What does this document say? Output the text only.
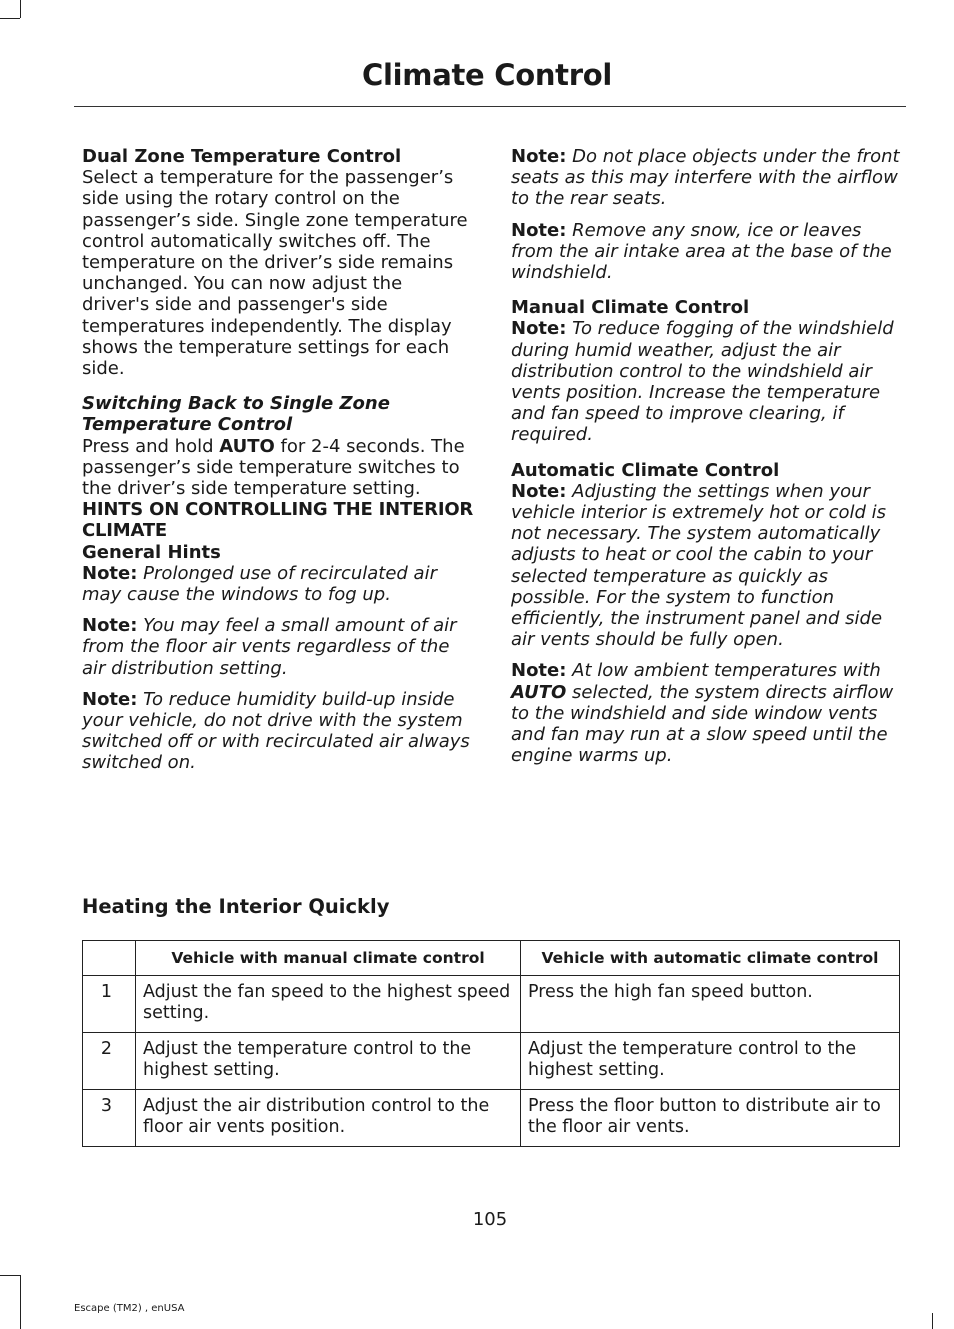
Climate Control

Dual Zone Temperature Control

Select a temperature for the passenger’s side using the rotary control on the passenger’s side. Single zone temperature control automatically switches off. The temperature on the driver’s side remains unchanged. You can now adjust the driver's side and passenger's side temperatures independently. The display shows the temperature settings for each side.

Switching Back to Single Zone Temperature Control

Press and hold AUTO for 2-4 seconds. The passenger’s side temperature switches to the driver’s side temperature setting.

HINTS ON CONTROLLING THE INTERIOR CLIMATE

General Hints

Note: Prolonged use of recirculated air may cause the windows to fog up.

Note: You may feel a small amount of air from the floor air vents regardless of the air distribution setting.

Note: To reduce humidity build-up inside your vehicle, do not drive with the system switched off or with recirculated air always switched on.

Note: Do not place objects under the front seats as this may interfere with the airflow to the rear seats.

Note: Remove any snow, ice or leaves from the air intake area at the base of the windshield.

Manual Climate Control

Note: To reduce fogging of the windshield during humid weather, adjust the air distribution control to the windshield air vents position. Increase the temperature and fan speed to improve clearing, if required.

Automatic Climate Control

Note: Adjusting the settings when your vehicle interior is extremely hot or cold is not necessary. The system automatically adjusts to heat or cool the cabin to your selected temperature as quickly as possible. For the system to function efficiently, the instrument panel and side air vents should be fully open.

Note: At low ambient temperatures with AUTO selected, the system directs airflow to the windshield and side window vents and fan may run at a slow speed until the engine warms up.

Heating the Interior Quickly

	Vehicle with manual climate control	Vehicle with automatic climate control
1	Adjust the fan speed to the highest speed setting.	Press the high fan speed button.
2	Adjust the temperature control to the highest setting.	Adjust the temperature control to the highest setting.
3	Adjust the air distribution control to the floor air vents position.	Press the floor button to distribute air to the floor air vents.

105

Escape (TM2) , enUSA
